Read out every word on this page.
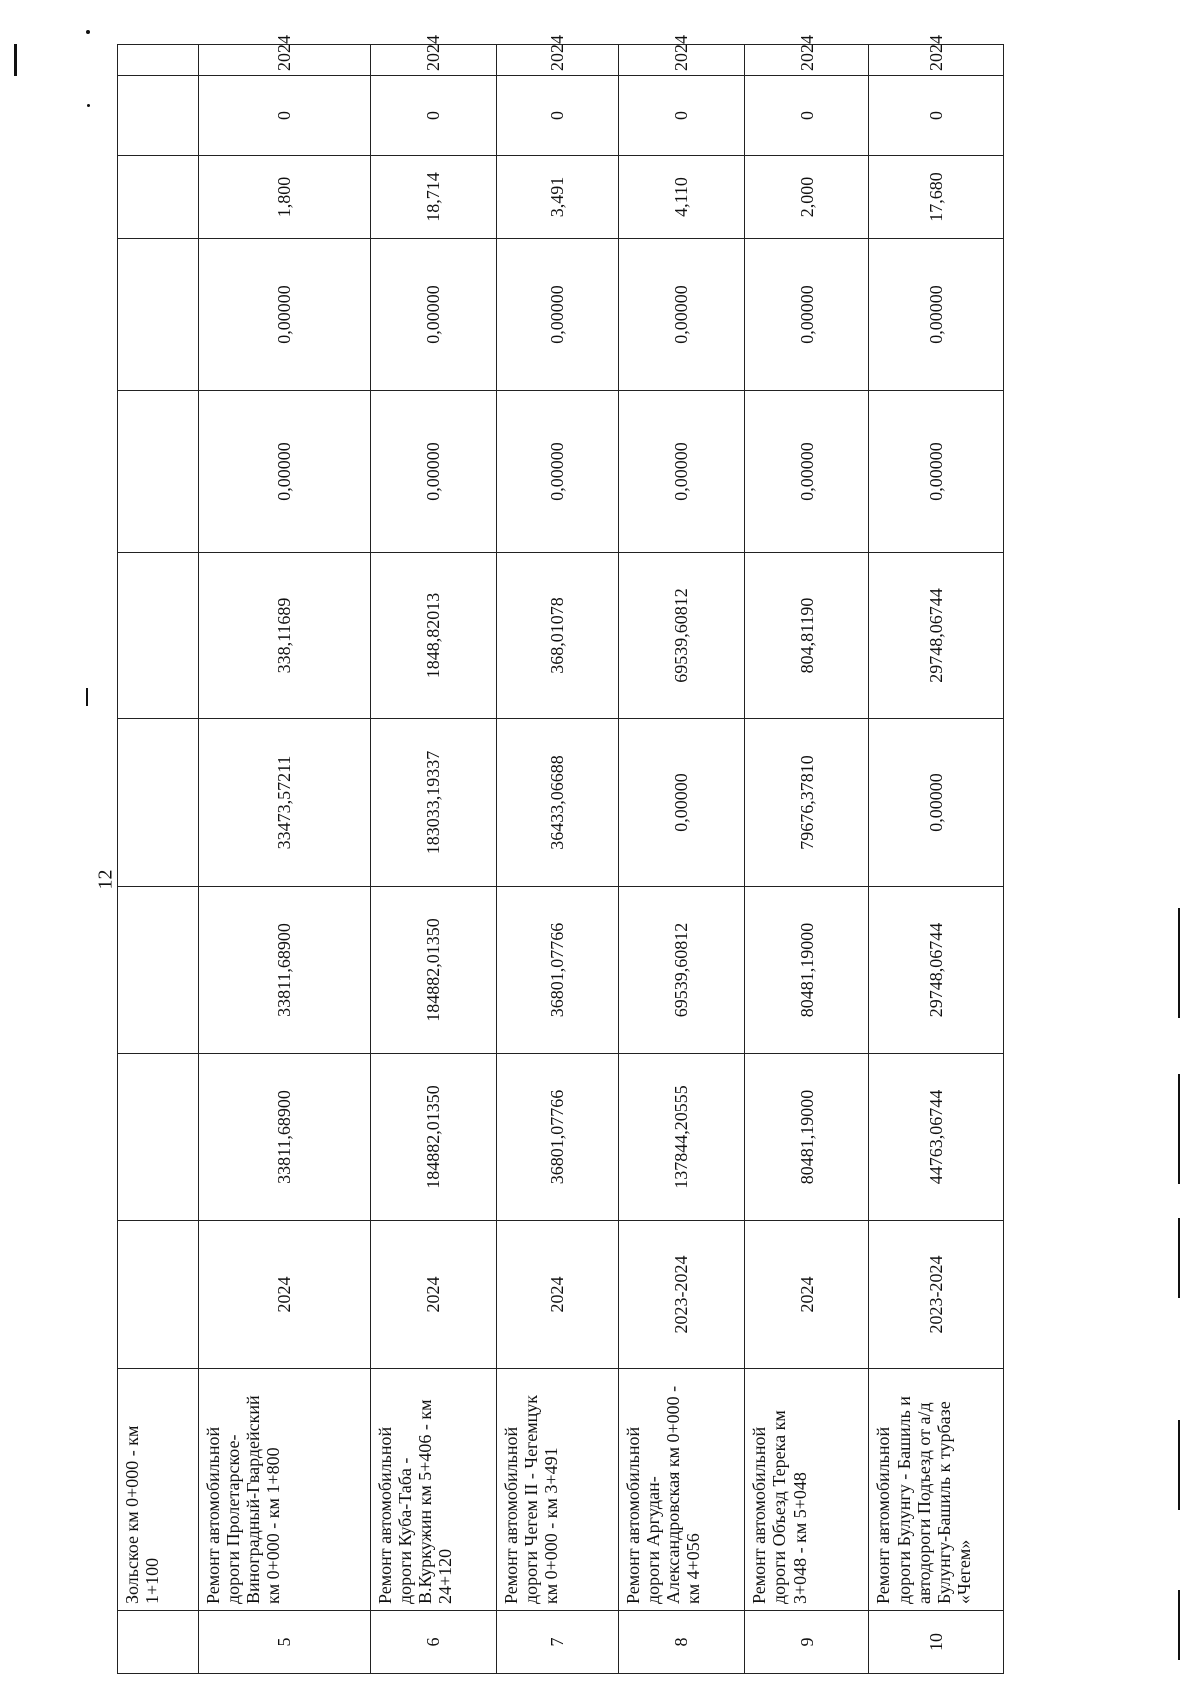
12
	Зольское км 0+000 - км 1+100										
5	Ремонт автомобильной дороги Пролетарское-Виноградный-Гвардейский км 0+000 - км 1+800	2024	33811,68900	33811,68900	33473,57211	338,11689	0,00000	0,00000	1,800	0	2024
6	Ремонт автомобильной дороги Куба-Таба - В.Куркужин км 5+406 - км 24+120	2024	184882,01350	184882,01350	183033,19337	1848,82013	0,00000	0,00000	18,714	0	2024
7	Ремонт автомобильной дороги Чегем II - Чегемцук км 0+000 - км 3+491	2024	36801,07766	36801,07766	36433,06688	368,01078	0,00000	0,00000	3,491	0	2024
8	Ремонт автомобильной дороги Аргудан-Александровская км 0+000 - км 4+056	2023-2024	137844,20555	69539,60812	0,00000	69539,60812	0,00000	0,00000	4,110	0	2024
9	Ремонт автомобильной дороги Объезд Терека км 3+048 - км 5+048	2024	80481,19000	80481,19000	79676,37810	804,81190	0,00000	0,00000	2,000	0	2024
10	Ремонт автомобильной дороги Булунгу - Башиль и автодороги Подъезд от а/д Булунгу-Башиль к турбазе «Чегем»	2023-2024	44763,06744	29748,06744	0,00000	29748,06744	0,00000	0,00000	17,680	0	2024
